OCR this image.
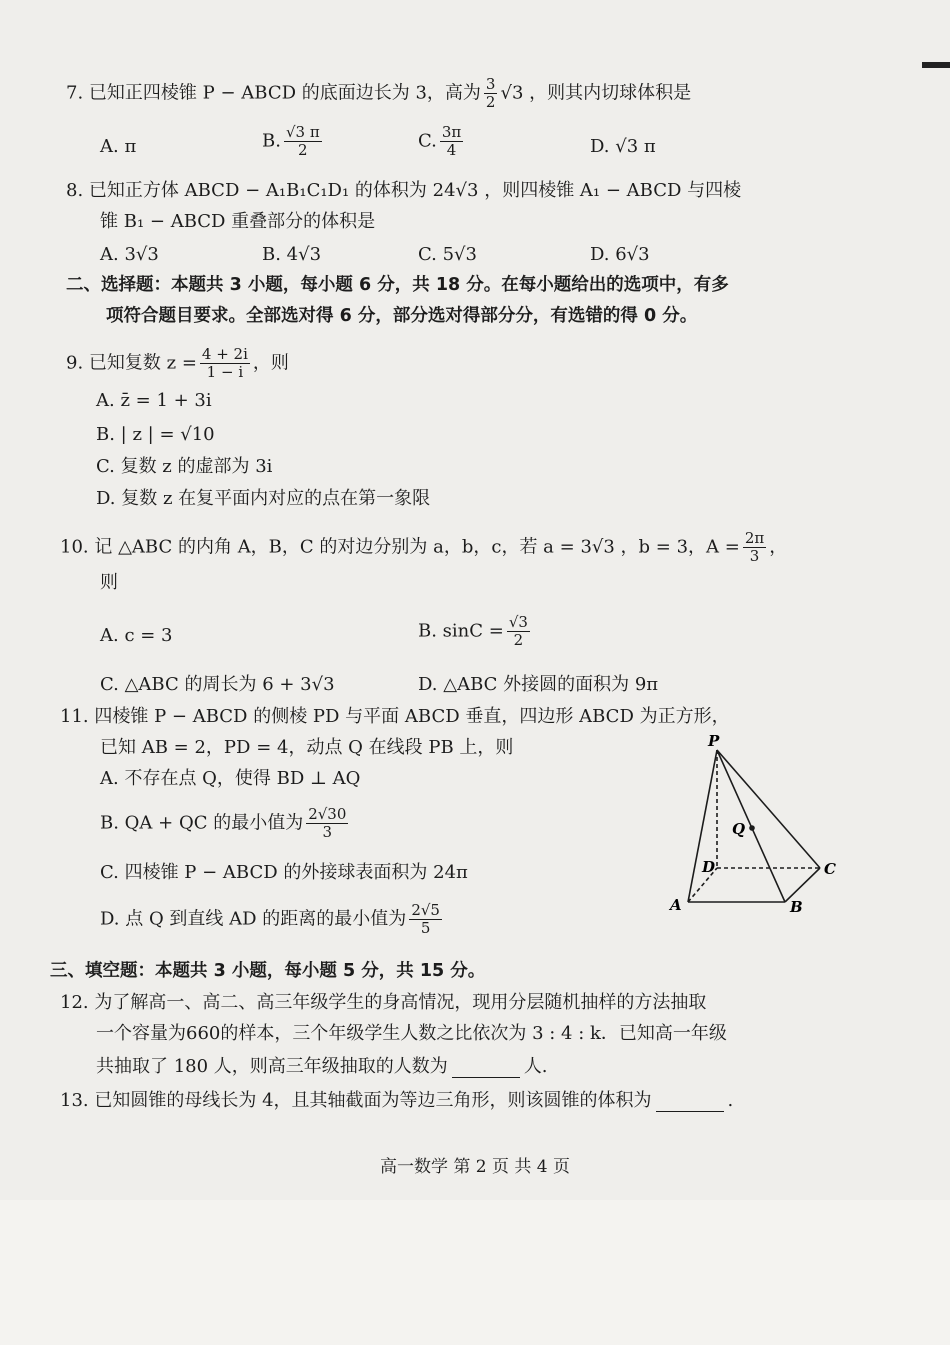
7. 已知正四棱锥 P − ABCD 的底面边长为 3，高为 $\frac{3}{2} √3$ ，则其内切球体积是
A. π	B. $\frac{√3 \pi}{2}$	C. $\frac{3\pi}{4}$	D. √3 π
8. 已知正方体 ABCD − A₁B₁C₁D₁ 的体积为 24√3 ，则四棱锥 A₁ − ABCD 与四棱
锥 B₁ − ABCD 重叠部分的体积是
A. 3√3	B. 4√3	C. 5√3	D. 6√3
二、选择题：本题共 3 小题，每小题 6 分，共 18 分。在每小题给出的选项中，有多
项符合题目要求。全部选对得 6 分，部分选对得部分分，有选错的得 0 分。
9. 已知复数 $z = \frac{4 + 2i}{1 - i}$ ，则
A. z̄ = 1 + 3i
B. | z | = √10
C. 复数 z 的虚部为 3i
D. 复数 z 在复平面内对应的点在第一象限
10. 记 △ABC 的内角 A，B，C 的对边分别为 a，b，c，若 a = 3√3 ，b = 3，$A = \frac{2\pi}{3}$ ，
则
A. c = 3	B. $\sin C = \frac{√3}{2}$
C. △ABC 的周长为 6 + 3√3	D. △ABC 外接圆的面积为 9π
11. 四棱锥 P − ABCD 的侧棱 PD 与平面 ABCD 垂直，四边形 ABCD 为正方形，
已知 AB = 2，PD = 4，动点 Q 在线段 PB 上，则
A. 不存在点 Q，使得 BD ⊥ AQ
B. QA + QC 的最小值为 $\frac{2√30}{3}$
C. 四棱锥 P − ABCD 的外接球表面积为 24π
D. 点 Q 到直线 AD 的距离的最小值为 $\frac{2√5}{5}$
P
Q
D	C
A	B
三、填空题：本题共 3 小题，每小题 5 分，共 15 分。
12. 为了解高一、高二、高三年级学生的身高情况，现用分层随机抽样的方法抽取
一个容量为660的样本，三个年级学生人数之比依次为 3 : 4 : k．已知高一年级
共抽取了 180 人，则高三年级抽取的人数为	人.
13. 已知圆锥的母线长为 4，且其轴截面为等边三角形，则该圆锥的体积为	.
高一数学 第 2 页 共 4 页
